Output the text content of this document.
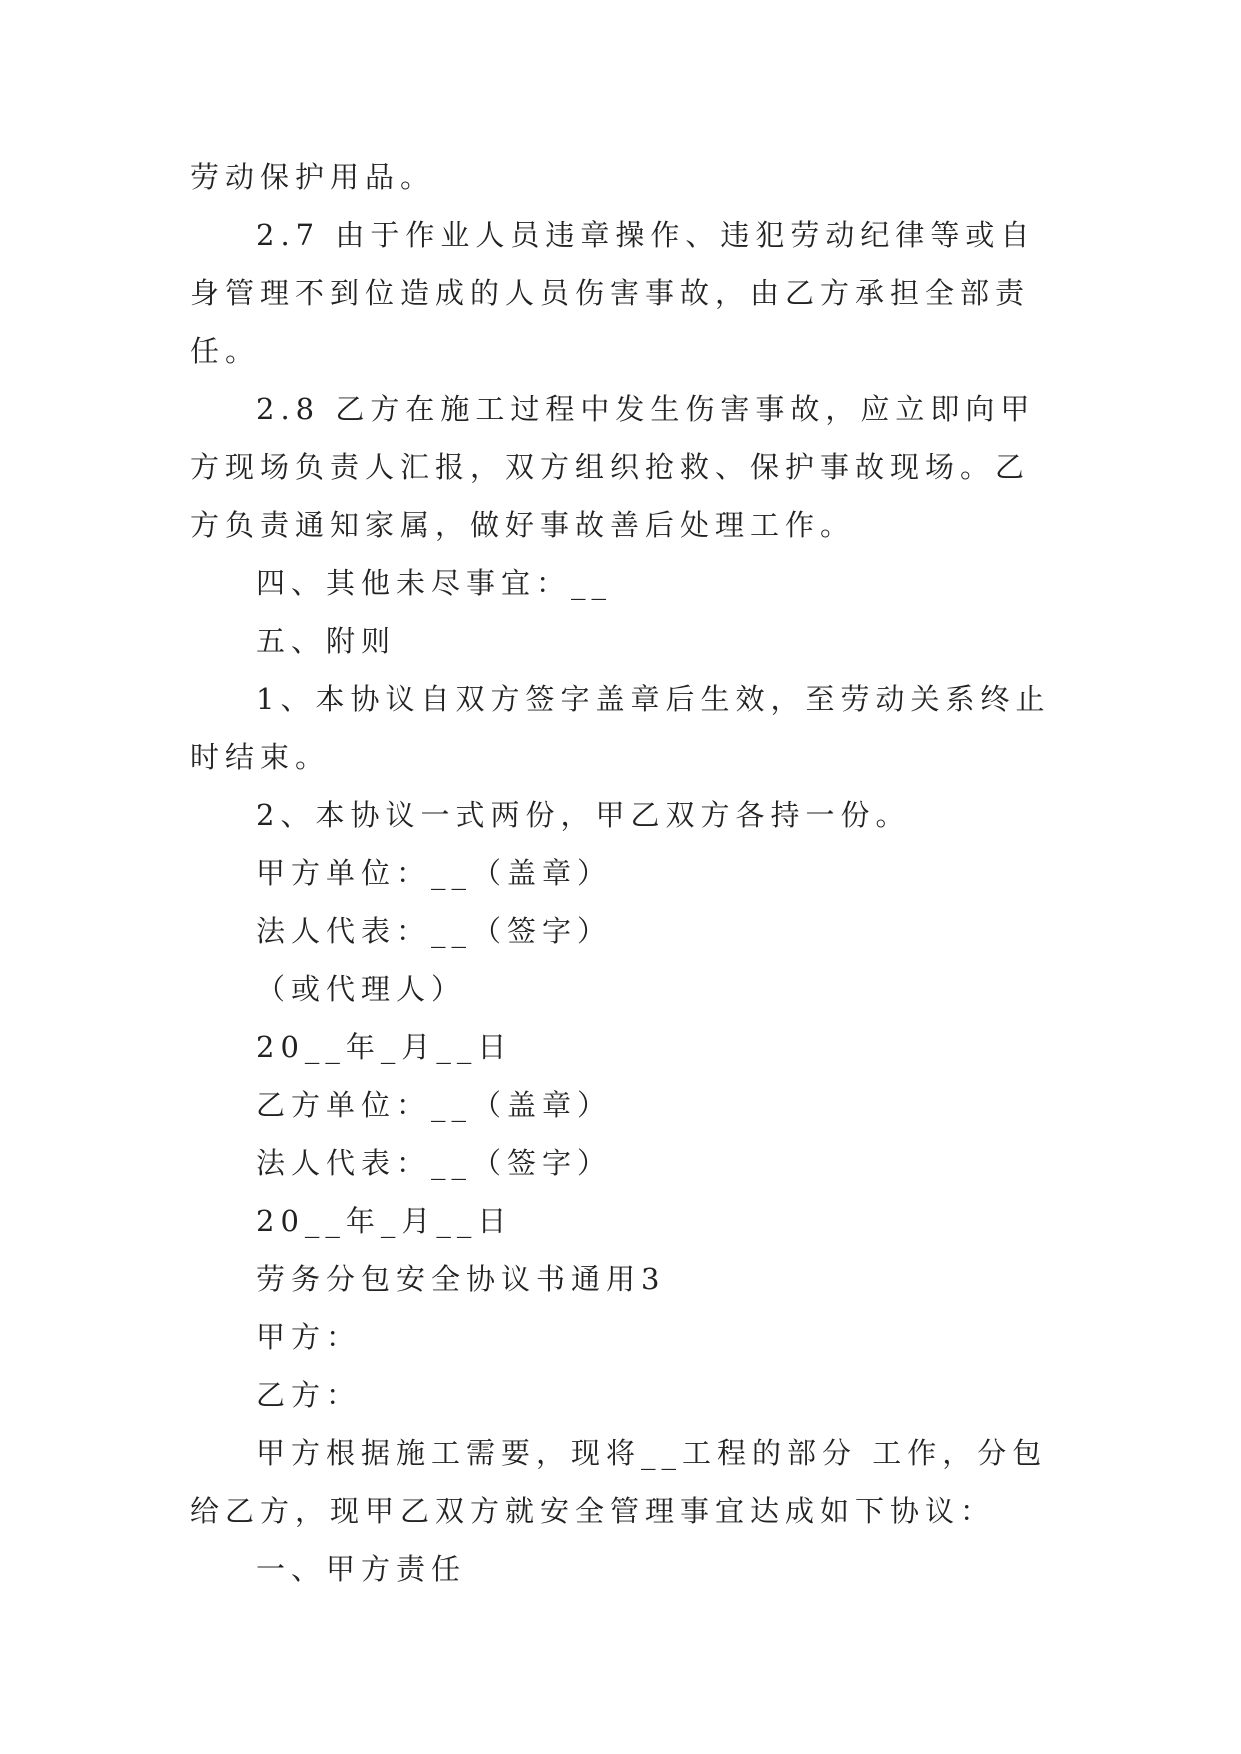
劳动保护用品。

2.7 由于作业人员违章操作、违犯劳动纪律等或自身管理不到位造成的人员伤害事故，由乙方承担全部责任。

2.8 乙方在施工过程中发生伤害事故，应立即向甲方现场负责人汇报，双方组织抢救、保护事故现场。乙方负责通知家属，做好事故善后处理工作。

四、其他未尽事宜：__

五、附则

1、本协议自双方签字盖章后生效，至劳动关系终止时结束。

2、本协议一式两份，甲乙双方各持一份。

甲方单位：__（盖章）

法人代表：__（签字）

（或代理人）

20__年_月__日

乙方单位：__（盖章）

法人代表：__（签字）

20__年_月__日

劳务分包安全协议书通用3

甲方：

乙方：

甲方根据施工需要，现将__工程的部分 工作，分包给乙方，现甲乙双方就安全管理事宜达成如下协议：

一、甲方责任
